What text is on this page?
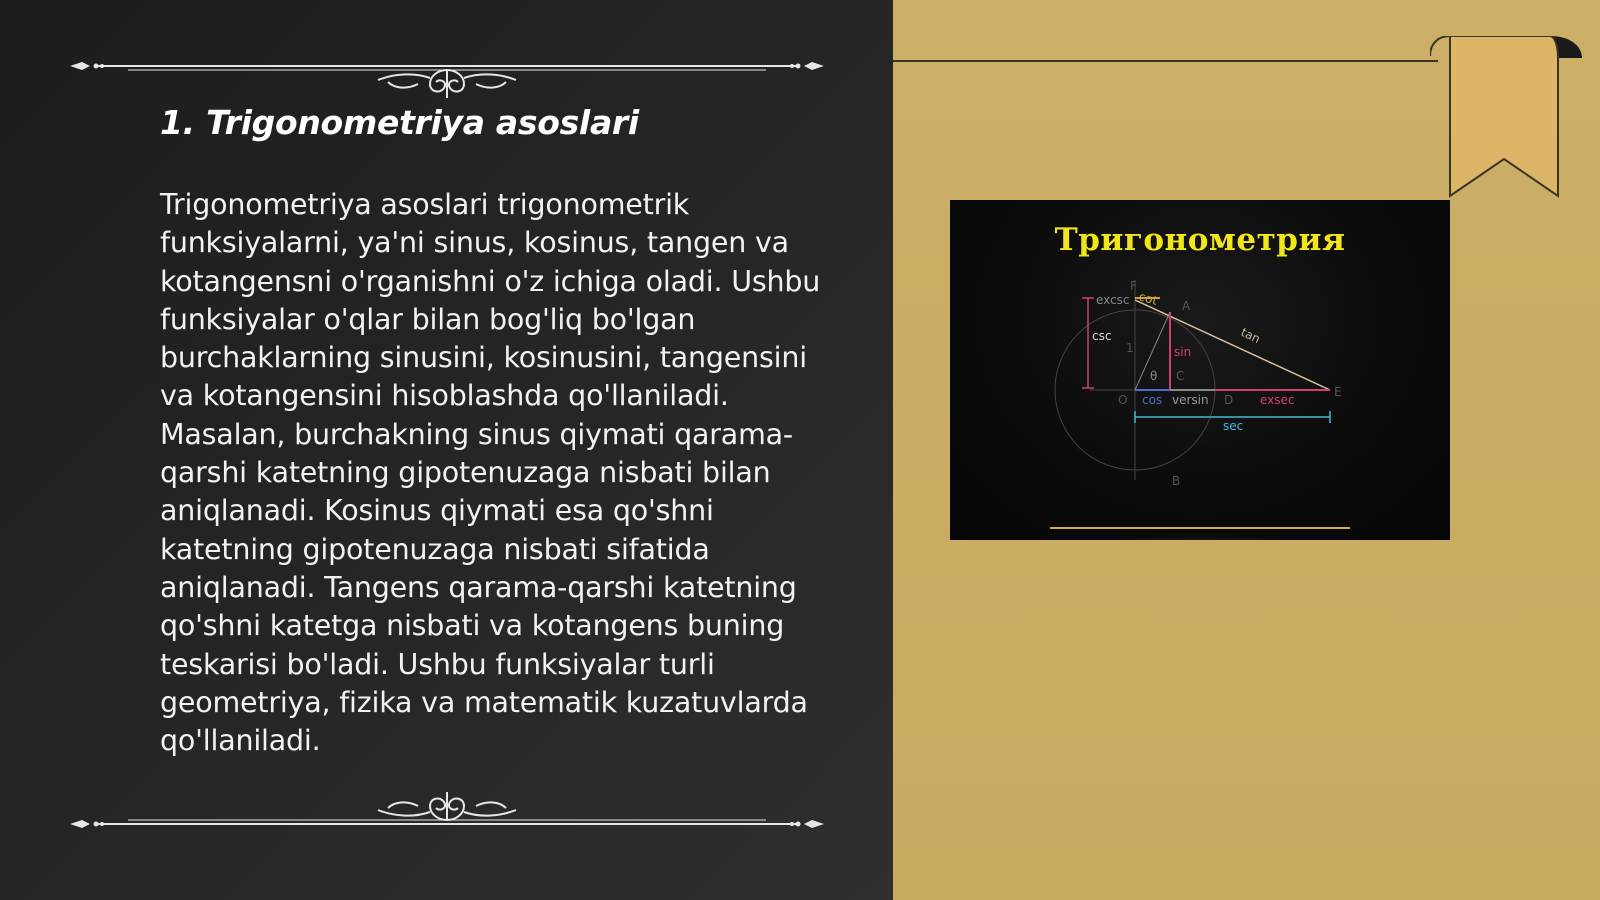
1. Trigonometriya asoslari

Trigonometriya asoslari trigonometrik funksiyalarni, ya'ni sinus, kosinus, tangen va kotangensni o'rganishni o'z ichiga oladi. Ushbu funksiyalar o'qlar bilan bog'liq bo'lgan burchaklarning sinusini, kosinusini, tangensini va kotangensini hisoblashda qo'llaniladi. Masalan, burchakning sinus qiymati qarama-qarshi katetning gipotenuzaga nisbati bilan aniqlanadi. Kosinus qiymati esa qo'shni katetning gipotenuzaga nisbati sifatida aniqlanadi. Tangens qarama-qarshi katetning qo'shni katetga nisbati va kotangens buning teskarisi bo'ladi. Ushbu funksiyalar turli geometriya, fizika va matematik kuzatuvlarda qo'llaniladi.

excsc cot
csc	tan
sin
θ
cos versin	exsec
sec
A
B
C
D
E
O
F
1
Тригонометрия
